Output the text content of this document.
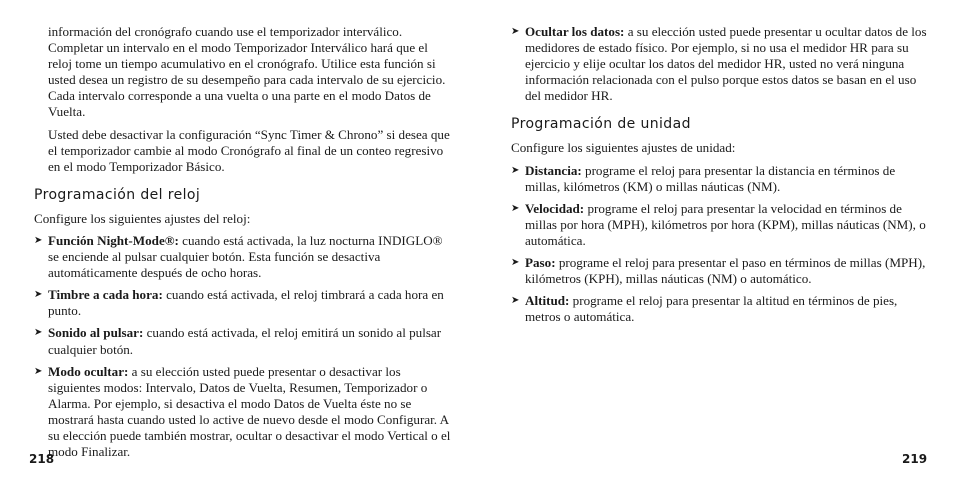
información del cronógrafo cuando use el temporizador interválico. Completar un intervalo en el modo Temporizador Interválico hará que el reloj tome un tiempo acumulativo en el cronógrafo. Utilice esta función si usted desea un registro de su desempeño para cada intervalo de su ejercicio. Cada intervalo corresponde a una vuelta o una parte en el modo Datos de Vuelta.

Usted debe desactivar la configuración “Sync Timer & Chrono” si desea que el temporizador cambie al modo Cronógrafo al final de un conteo regresivo en el modo Temporizador Básico.

Programación del reloj

Configure los siguientes ajustes del reloj:

➤ Función Night-Mode®: cuando está activada, la luz nocturna INDIGLO® se enciende al pulsar cualquier botón. Esta función se desactiva automáticamente después de ocho horas.
➤ Timbre a cada hora: cuando está activada, el reloj timbrará a cada hora en punto.
➤ Sonido al pulsar: cuando está activada, el reloj emitirá un sonido al pulsar cualquier botón.
➤ Modo ocultar: a su elección usted puede presentar o desactivar los siguientes modos: Intervalo, Datos de Vuelta, Resumen, Temporizador o Alarma. Por ejemplo, si desactiva el modo Datos de Vuelta éste no se mostrará hasta cuando usted lo active de nuevo desde el modo Configurar. A su elección puede también mostrar, ocultar o desactivar el modo Vertical o el modo Finalizar.
218
➤ Ocultar los datos: a su elección usted puede presentar u ocultar datos de los medidores de estado físico. Por ejemplo, si no usa el medidor HR para su ejercicio y elije ocultar los datos del medidor HR, usted no verá ninguna información relacionada con el pulso porque estos datos se basan en el uso del medidor HR.
Programación de unidad

Configure los siguientes ajustes de unidad:

➤ Distancia: programe el reloj para presentar la distancia en términos de millas, kilómetros (KM) o millas náuticas (NM).
➤ Velocidad: programe el reloj para presentar la velocidad en términos de millas por hora (MPH), kilómetros por hora (KPM), millas náuticas (NM), o automática.
➤ Paso: programe el reloj para presentar el paso en términos de millas (MPH), kilómetros (KPH), millas náuticas (NM) o automático.
➤ Altitud: programe el reloj para presentar la altitud en términos de pies, metros o automática.
219
